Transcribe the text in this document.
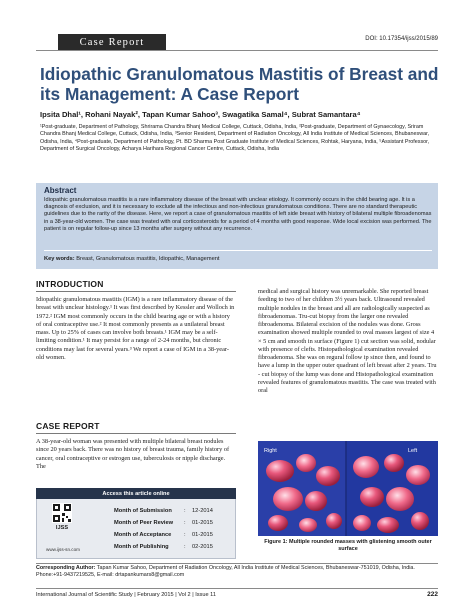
Case Report	DOI: 10.17354/ijss/2015/89
Idiopathic Granulomatous Mastitis of Breast and its Management: A Case Report
Ipsita Dhal¹, Rohani Nayak², Tapan Kumar Sahoo³, Swagatika Samal⁴, Subrat Samantara⁴
¹Post-graduate, Department of Pathology, Shrirama Chandra Bhanj Medical College, Cuttack, Odisha, India, ²Post-graduate, Department of Gynaecology, Sriram Chandra Bhanj Medical College, Cuttack, Odisha, India, ³Senior Resident, Department of Radiation Oncology, All India Institute of Medical Sciences, Bhubaneswar, Odisha, India, ⁴Post-graduate, Department of Pathology, Pt. BD Sharma Post Graduate Institute of Medical Sciences, Rohtak, Haryana, India, ⁵Assistant Professor, Department of Surgical Oncology, Acharya Harihara Regional Cancer Centre, Cuttack, Odisha, India
Abstract
Idiopathic granulomatous mastitis is a rare inflammatory disease of the breast with unclear etiology. It commonly occurs in the child bearing age. It is a diagnosis of exclusion, and it is necessary to exclude all the infectious and non-infectious granulomatous conditions. There are no standard therapeutic guidelines due to the rarity of the disease. Here, we report a case of granulomatous mastitis of left side breast with history of bilateral multiple fibroadenomas in a 38-year-old women. The case was treated with oral corticosteroids for a period of 4 months with good response. Wide local excision was performed. The patient is on regular follow-up since 13 months after surgery without any recurrence.
Key words: Breast, Granulomatous mastitis, Idiopathic, Management
INTRODUCTION
Idiopathic granulomatous mastitis (IGM) is a rare inflammatory disease of the breast with unclear histology.¹ It was first described by Kessler and Wolloch in 1972.² IGM most commonly occurs in the child bearing age or with a history of oral contraceptive use.² It most commonly presents as a unilateral breast mass. Up to 25% of cases can involve both breasts.¹ IGM may be a self-limiting condition.¹ It may persist for a range of 2-24 months, but chronic conditions may last for several years.³ We report a case of IGM in a 38-year-old women.
CASE REPORT
A 38-year-old woman was presented with multiple bilateral breast nodules since 20 years back. There was no history of breast trauma, family history of cancer, oral contraceptive or estrogen use, tuberculosis or nipple discharge. The
medical and surgical history was unremarkable. She reported breast feeding to two of her children 3½ years back. Ultrasound revealed multiple nodules in the breast and all are radiologically suspected as fibroadenomas. Tru-cut biopsy from the larger one revealed fibroadenoma. Bilateral excision of the nodules was done. Gross examination showed multiple rounded to oval masses largest of size 4 × 5 cm and smooth in surface (Figure 1) cut section was solid, nodular with presence of clefts. Histopathological examination revealed fibroadenoma. She was on regural follow ip since then, and found to have a lump in the upper outer quadrant of left breast after 2 years. Tru - cut biopsy of the lump was done and Histopathological examination revealed features of granulomatous mastitis. The case was treated with oral
Access this article online
IJSS
www.ijss-sn.com
Month of Submission	:	12-2014
Month of Peer Review	:	01-2015
Month of Acceptance	:	01-2015
Month of Publishing	:	02-2015
Right	Left
Figure 1: Multiple rounded masses with glistening smooth outer surface
Corresponding Author: Tapan Kumar Sahoo, Department of Radiation Oncology, All India Institute of Medical Sciences, Bhubaneswar-751019, Odisha, India. Phone:+91-9437219525, E-mail: drtapankumars8@gmail.com
International Journal of Scientific Study | February 2015 | Vol 2 | Issue 11	222
